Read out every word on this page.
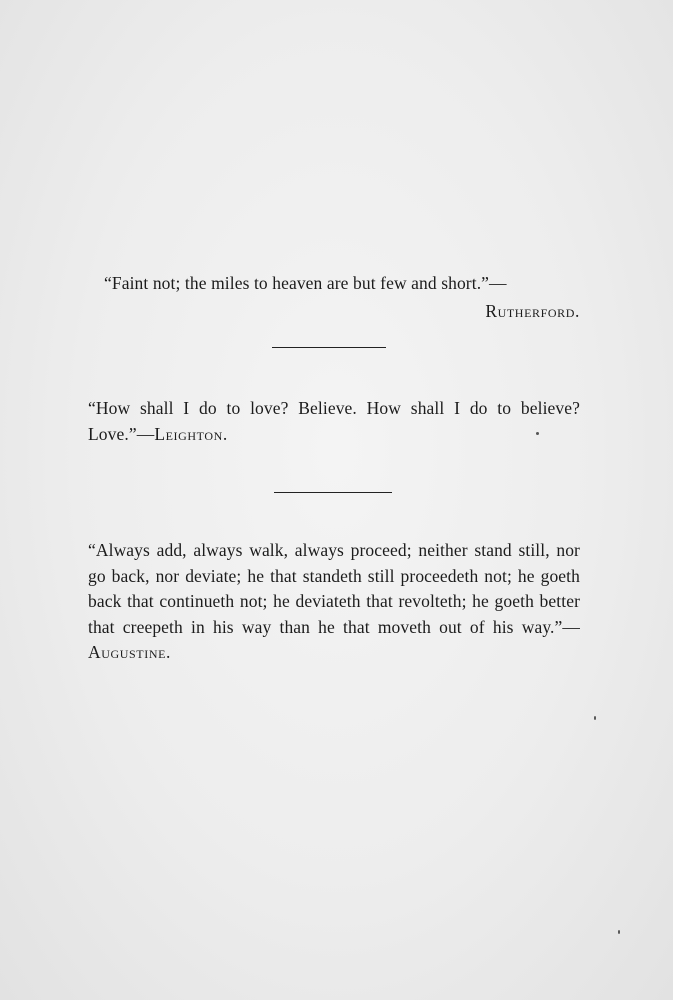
“Faint not; the miles to heaven are but few and short.”—
Rutherford.

“How shall I do to love? Believe. How shall I do to believe? Love.”—Leighton.

“Always add, always walk, always proceed; neither stand still, nor go back, nor deviate; he that standeth still proceedeth not; he goeth back that continueth not; he deviateth that revolteth; he goeth better that creepeth in his way than he that moveth out of his way.”—Augustine.
